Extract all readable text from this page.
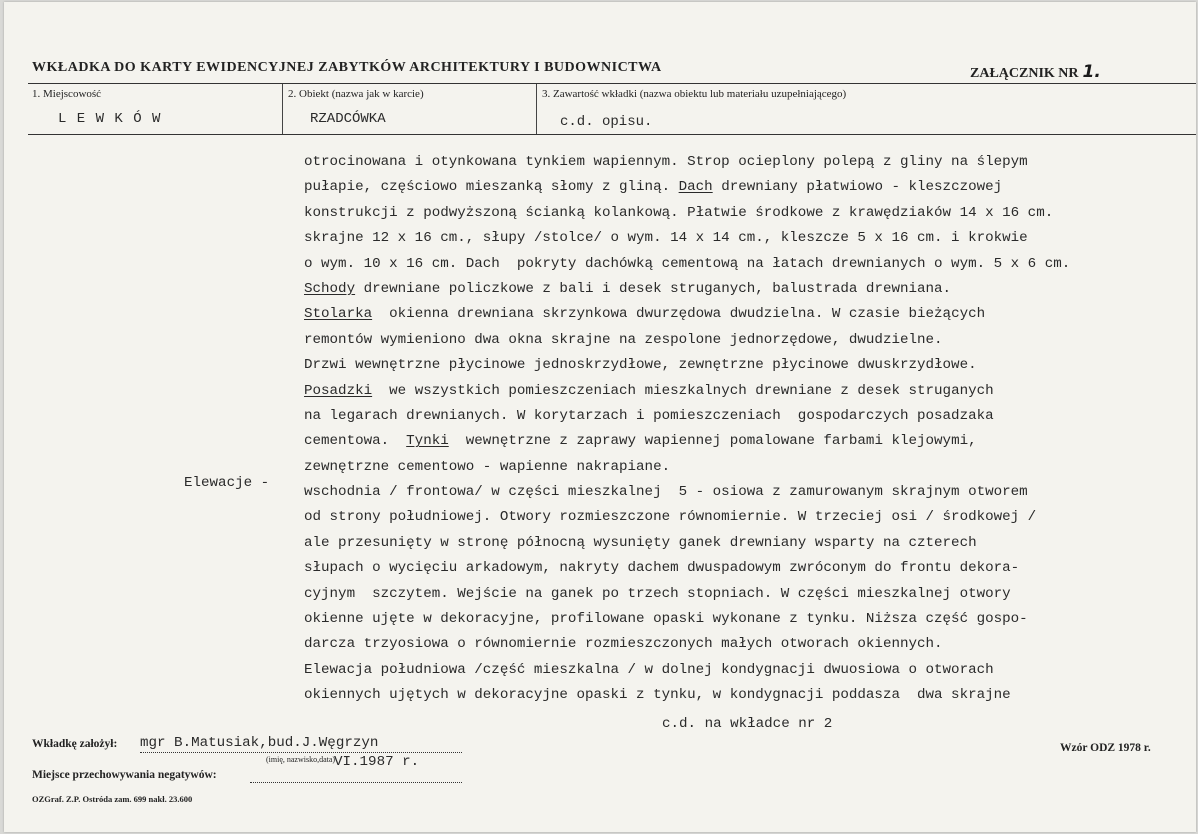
WKŁADKA DO KARTY EWIDENCYJNEJ ZABYTKÓW ARCHITEKTURY I BUDOWNICTWA	ZAŁĄCZNIK NR 1.
1. Miejscowość
L E W K Ó W
2. Obiekt (nazwa jak w karcie)
RZADCÓWKA
3. Zawartość wkładki (nazwa obiektu lub materiału uzupełniającego)
c.d. opisu.
otrocinowana i otynkowana tynkiem wapiennym. Strop ocieplony polepą z gliny na ślepym
pułapie, częściowo mieszanką słomy z gliną. Dach drewniany płatwiowo - kleszczowej
konstrukcji z podwyższoną ścianką kolankową. Płatwie środkowe z krawędziaków 14 x 16 cm.
skrajne 12 x 16 cm., słupy /stolce/ o wym. 14 x 14 cm., kleszcze 5 x 16 cm. i krokwie
o wym. 10 x 16 cm. Dach  pokryty dachówką cementową na łatach drewnianych o wym. 5 x 6 cm.
Schody drewniane policzkowe z bali i desek struganych, balustrada drewniana.
Stolarka  okienna drewniana skrzynkowa dwurzędowa dwudzielna. W czasie bieżących
remontów wymieniono dwa okna skrajne na zespolone jednorzędowe, dwudzielne.
Drzwi wewnętrzne płycinowe jednoskrzydłowe, zewnętrzne płycinowe dwuskrzydłowe.
Posadzki  we wszystkich pomieszczeniach mieszkalnych drewniane z desek struganych
na legarach drewnianych. W korytarzach i pomieszczeniach  gospodarczych posadzaka
cementowa.  Tynki  wewnętrzne z zaprawy wapiennej pomalowane farbami klejowymi,
zewnętrzne cementowo - wapienne nakrapiane.
wschodnia / frontowa/ w części mieszkalnej  5 - osiowa z zamurowanym skrajnym otworem
od strony południowej. Otwory rozmieszczone równomiernie. W trzeciej osi / środkowej /
ale przesunięty w stronę północną wysunięty ganek drewniany wsparty na czterech
słupach o wycięciu arkadowym, nakryty dachem dwuspadowym zwróconym do frontu dekora-
cyjnym  szczytem. Wejście na ganek po trzech stopniach. W części mieszkalnej otwory
okienne ujęte w dekoracyjne, profilowane opaski wykonane z tynku. Niższa część gospo-
darcza trzyosiowa o równomiernie rozmieszczonych małych otworach okiennych.
Elewacja południowa /część mieszkalna / w dolnej kondygnacji dwuosiowa o otworach
okiennych ujętych w dekoracyjne opaski z tynku, w kondygnacji poddasza  dwa skrajne
Elewacje -
c.d. na wkładce nr 2
Wkładkę założył: mgr B.Matusiak,bud.J.Węgrzyn
(imię, nazwisko,data)
VI.1987 r.
Wzór ODZ 1978 r.
Miejsce przechowywania negatywów:
OZGraf. Z.P. Ostróda zam. 699 nakł. 23.600
